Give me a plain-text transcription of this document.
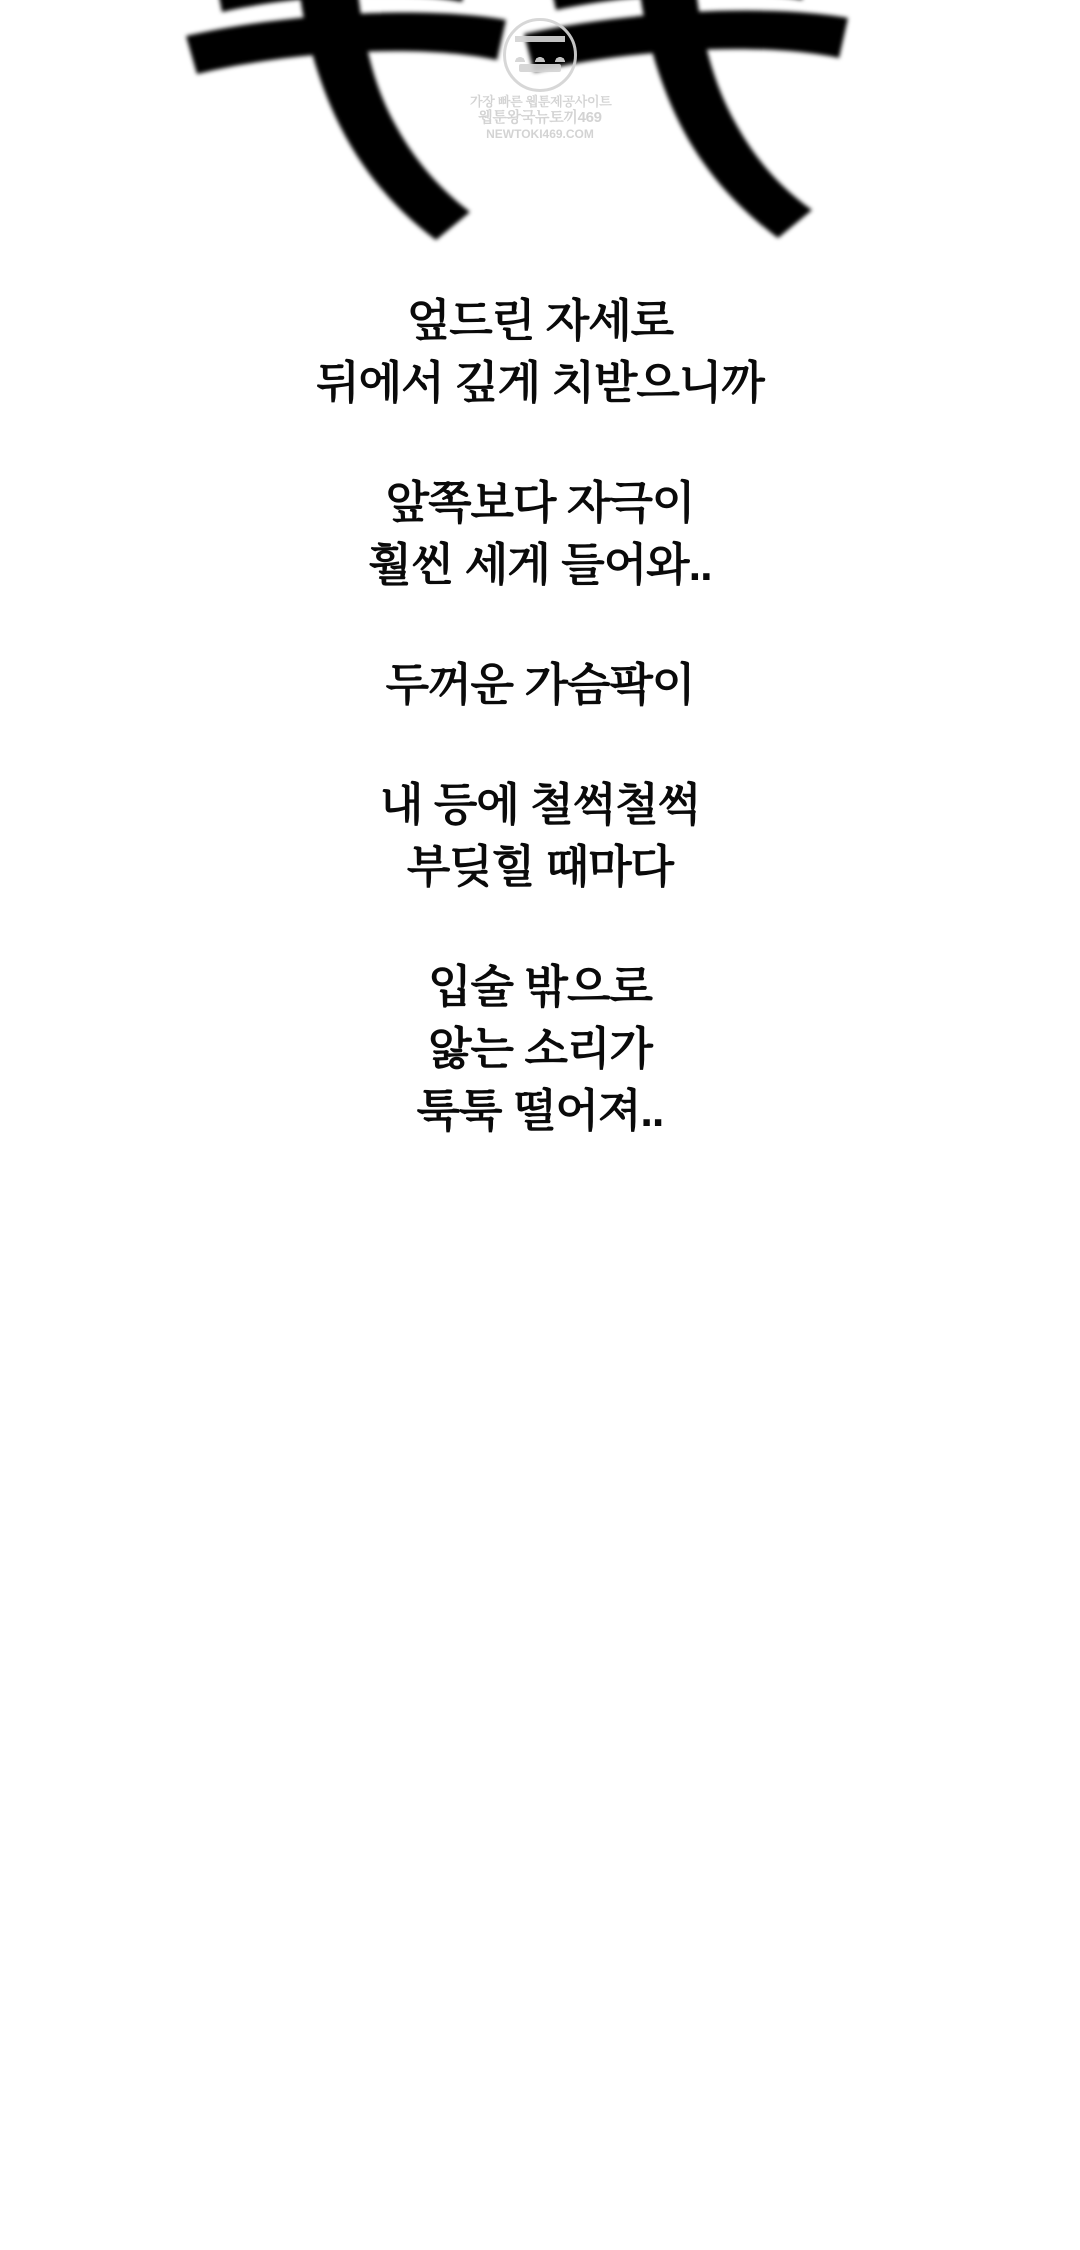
가장 빠른 웹툰제공사이트
웹툰왕국뉴토끼469
NEWTOKI469.COM
엎드린 자세로
뒤에서 깊게 치받으니까
앞쪽보다 자극이
훨씬 세게 들어와..
두꺼운 가슴팍이
내 등에 철썩철썩
부딪힐 때마다
입술 밖으로
앓는 소리가
툭툭 떨어져..
